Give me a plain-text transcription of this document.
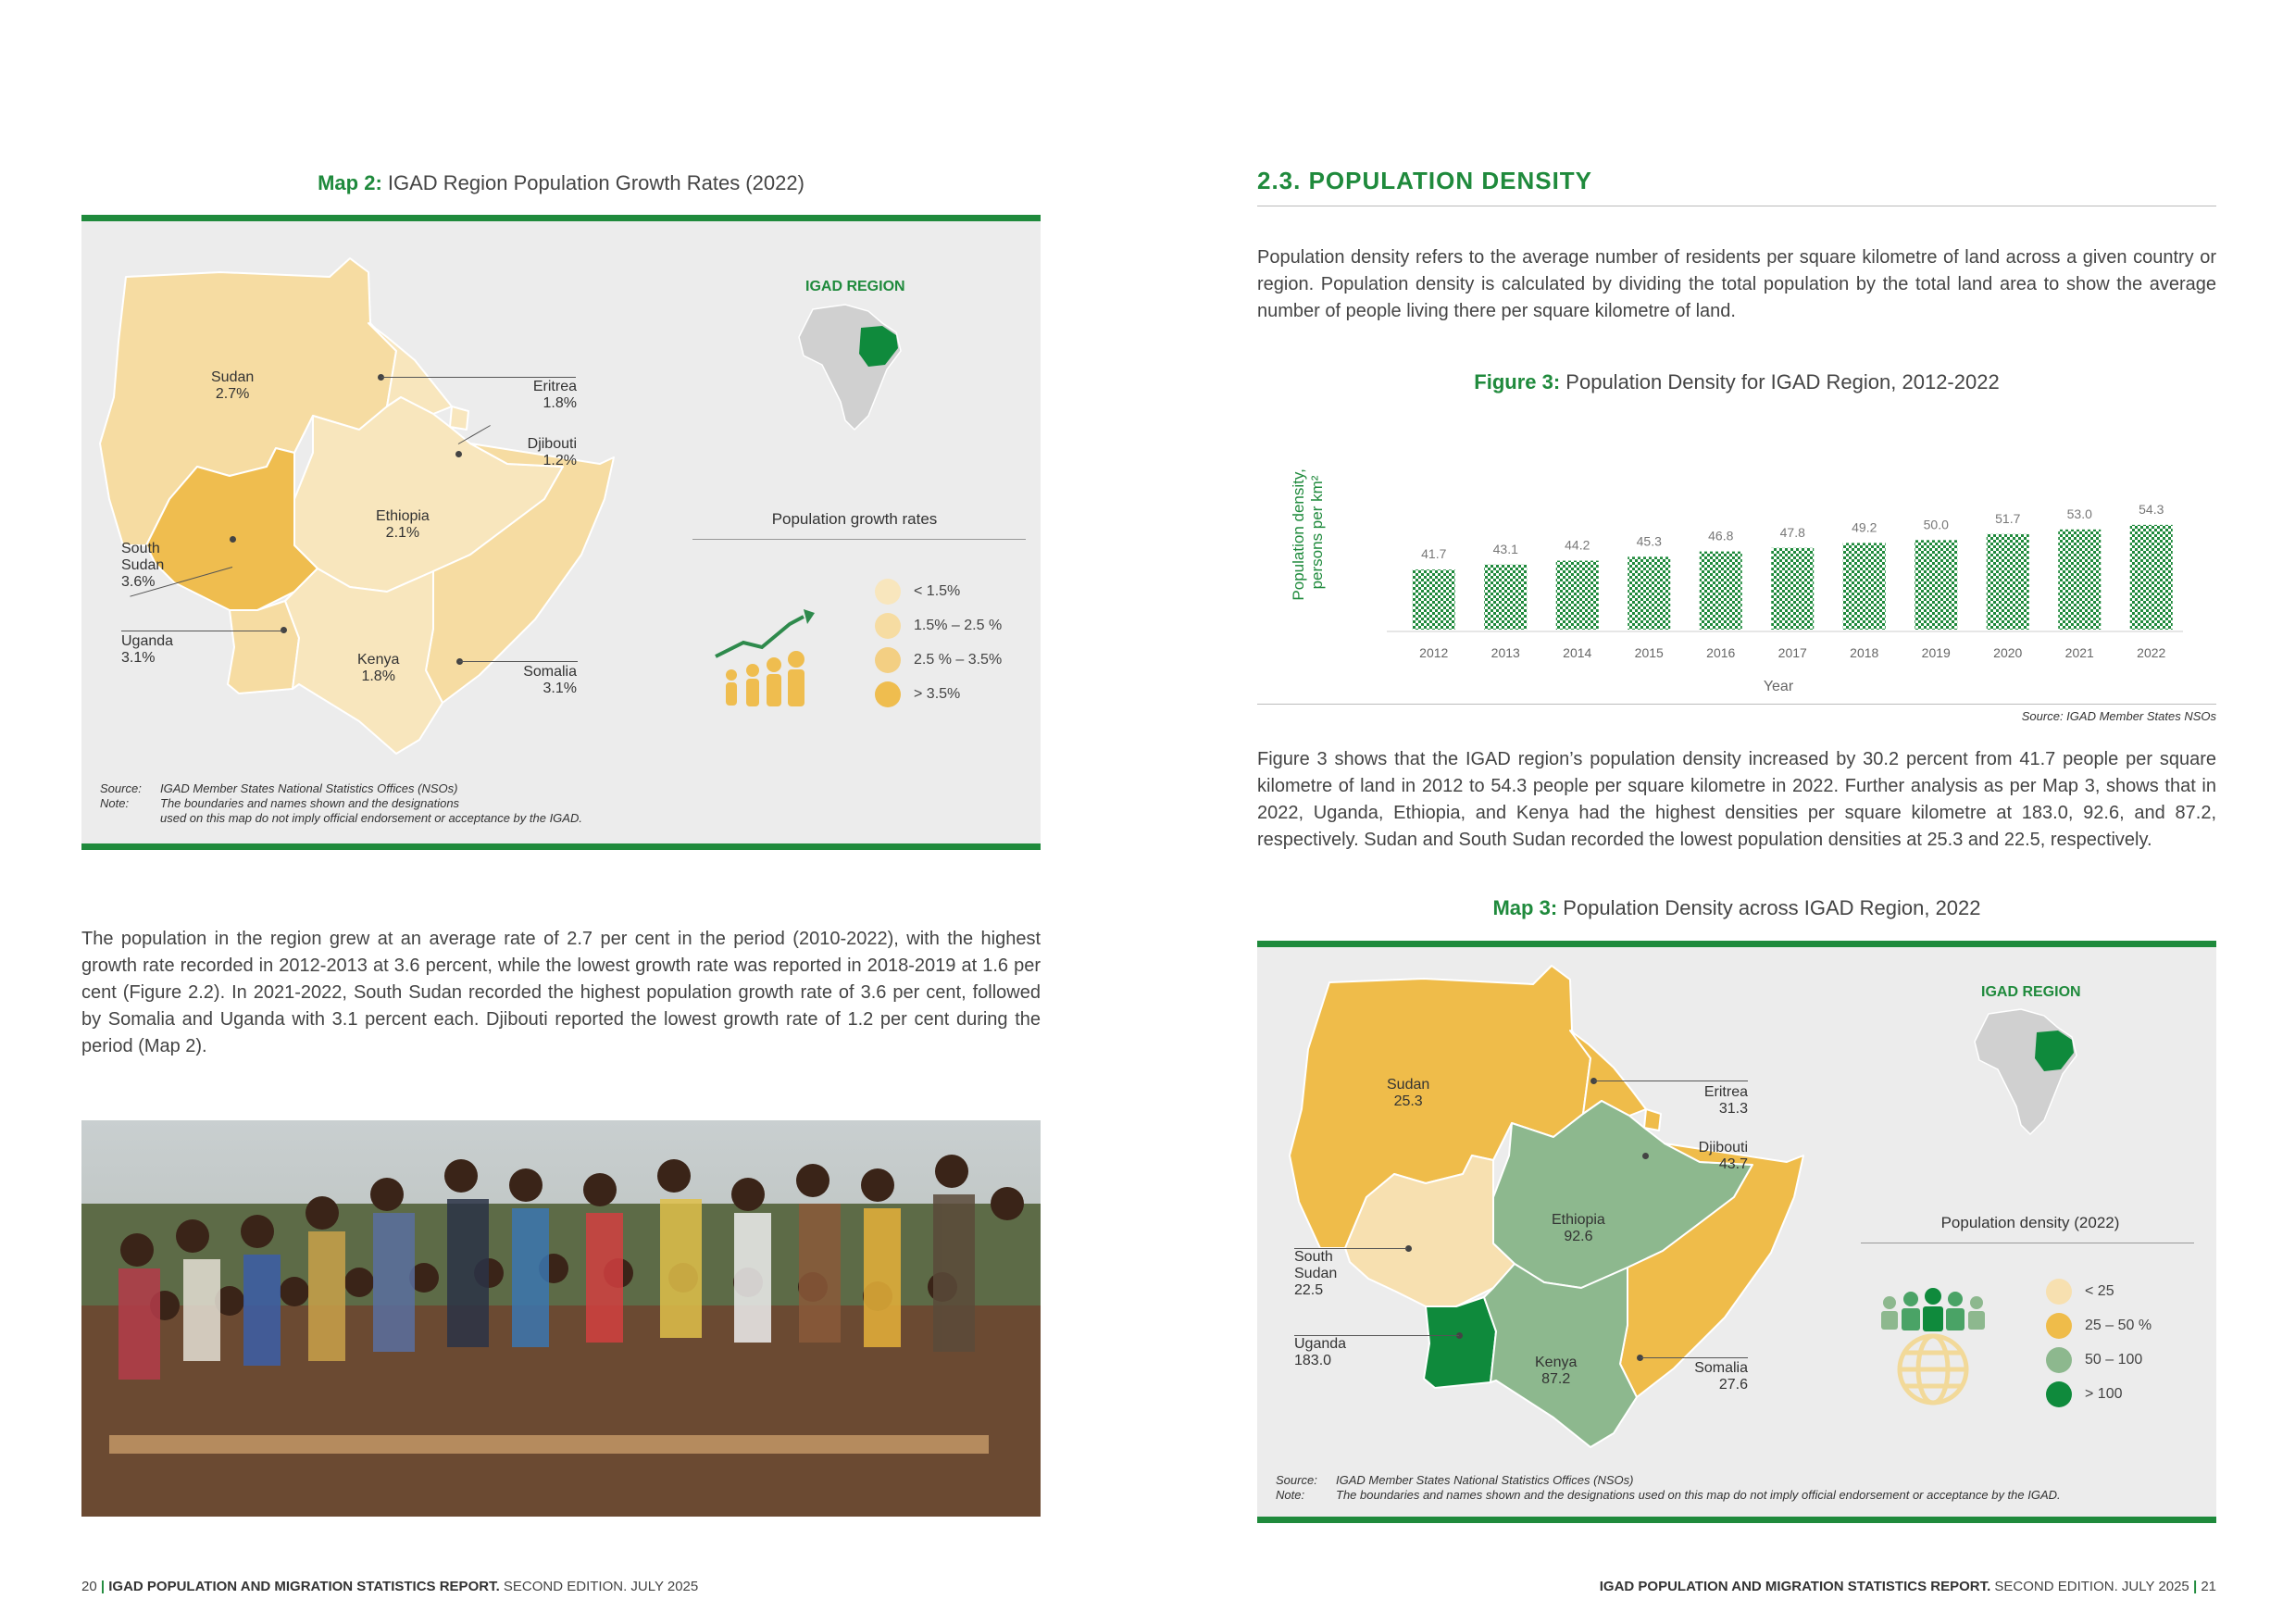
Map 2: IGAD Region Population Growth Rates (2022)
Sudan
2.7%	Eritrea
1.8%
Djibouti
1.2%
Ethiopia
2.1%
South
Sudan
3.6%
Uganda
3.1%	Kenya
1.8%	Somalia
3.1%
IGAD REGION
Population growth rates
< 1.5%
1.5% – 2.5 %
2.5 % – 3.5%
> 3.5%
Source: IGAD Member States National Statistics Offices (NSOs)
Note:	The boundaries and names shown and the designations
used on this map do not imply official endorsement or acceptance by the IGAD.
The population in the region grew at an average rate of 2.7 per cent in the period (2010-2022), with the highest growth rate recorded in 2012-2013 at 3.6 percent, while the lowest growth rate was reported in 2018-2019 at 1.6 per cent (Figure 2.2). In 2021-2022, South Sudan recorded the highest population growth rate of 3.6 per cent, followed by Somalia and Uganda with 3.1 percent each. Djibouti reported the lowest growth rate of 1.2 per cent during the period (Map 2).
20 | IGAD POPULATION AND MIGRATION STATISTICS REPORT. SECOND EDITION. JULY 2025
2.3. POPULATION DENSITY
Population density refers to the average number of residents per square kilometre of land across a given country or region. Population density is calculated by dividing the total population by the total land area to show the average number of people living there per square kilometre of land.
Figure 3: Population Density for IGAD Region, 2012-2022
Population density, persons per km²	41.7
2012
43.1
2013
44.2
2014
45.3
2015
46.8
2016
47.8
2017
49.2
2018
50.0
2019
51.7
2020
53.0
2021
54.3
2022
Year
Source: IGAD Member States NSOs
Figure 3 shows that the IGAD region’s population density increased by 30.2 percent from 41.7 people per square kilometre of land in 2012 to 54.3 people per square kilometre in 2022. Further analysis as per Map 3, shows that in 2022, Uganda, Ethiopia, and Kenya had the highest densities per square kilometre at 183.0, 92.6, and 87.2, respectively. Sudan and South Sudan recorded the lowest population densities at 25.3 and 22.5, respectively.
Map 3: Population Density across IGAD Region, 2022
Sudan
25.3
Eritrea
31.3
Djibouti
43.7
Ethiopia
92.6
South
Sudan
22.5
Uganda
183.0	Kenya
87.2
Somalia
27.6
IGAD REGION
Population density (2022)
< 25
25 – 50 %
50 – 100
> 100
Source: IGAD Member States National Statistics Offices (NSOs)
Note:	The boundaries and names shown and the designations used on this map do not imply official endorsement or acceptance by the IGAD.
IGAD POPULATION AND MIGRATION STATISTICS REPORT. SECOND EDITION. JULY 2025 | 21
